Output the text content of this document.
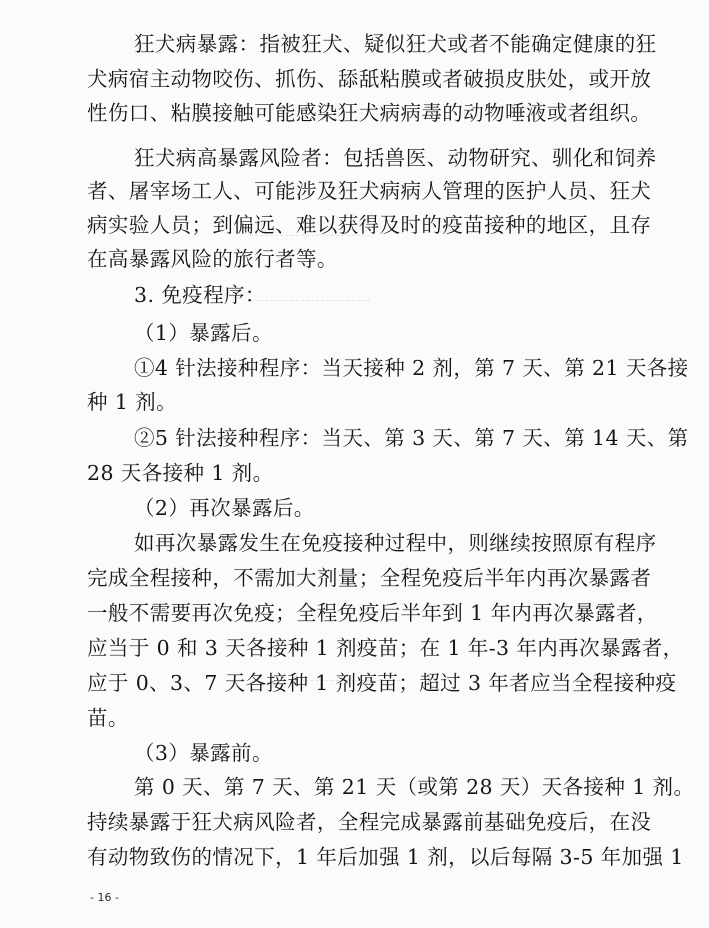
狂犬病暴露：指被狂犬、疑似狂犬或者不能确定健康的狂
犬病宿主动物咬伤、抓伤、舔舐粘膜或者破损皮肤处，或开放
性伤口、粘膜接触可能感染狂犬病病毒的动物唾液或者组织。
狂犬病高暴露风险者：包括兽医、动物研究、驯化和饲养
者、屠宰场工人、可能涉及狂犬病病人管理的医护人员、狂犬
病实验人员；到偏远、难以获得及时的疫苗接种的地区，且存
在高暴露风险的旅行者等。
3. 免疫程序：
（1）暴露后。
①4 针法接种程序：当天接种 2 剂，第 7 天、第 21 天各接
种 1 剂。
②5 针法接种程序：当天、第 3 天、第 7 天、第 14 天、第
28 天各接种 1 剂。
（2）再次暴露后。
如再次暴露发生在免疫接种过程中，则继续按照原有程序
完成全程接种，不需加大剂量；全程免疫后半年内再次暴露者
一般不需要再次免疫；全程免疫后半年到 1 年内再次暴露者，
应当于 0 和 3 天各接种 1 剂疫苗；在 1 年-3 年内再次暴露者，
应于 0、3、7 天各接种 1 剂疫苗；超过 3 年者应当全程接种疫
苗。
（3）暴露前。
第 0 天、第 7 天、第 21 天（或第 28 天）天各接种 1 剂。
持续暴露于狂犬病风险者，全程完成暴露前基础免疫后，在没
有动物致伤的情况下，1 年后加强 1 剂，以后每隔 3-5 年加强 1
- 16 -
